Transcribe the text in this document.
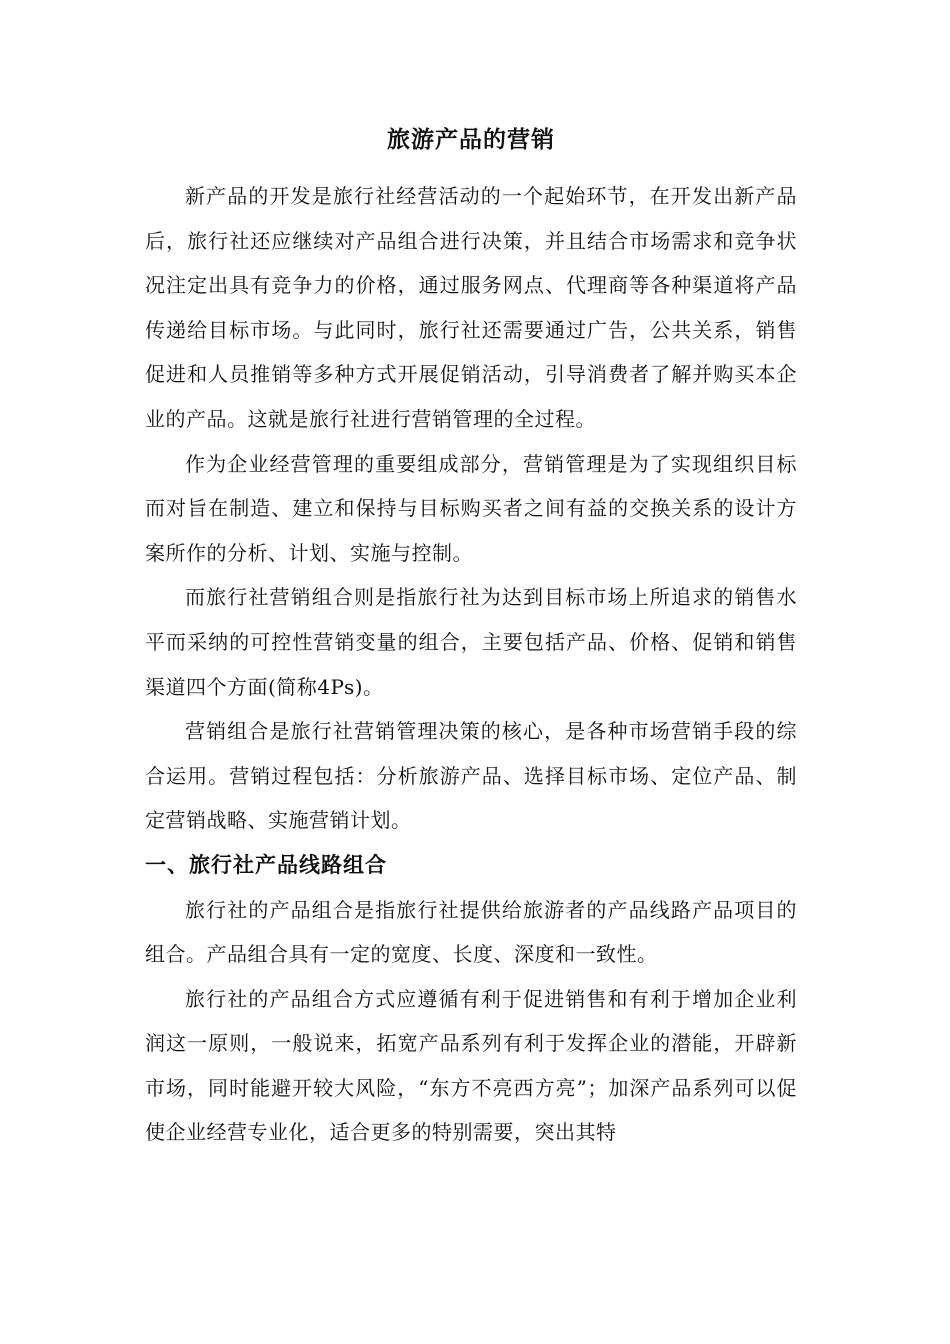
旅游产品的营销

新产品的开发是旅行社经营活动的一个起始环节，在开发出新产品后，旅行社还应继续对产品组合进行决策，并且结合市场需求和竞争状况注定出具有竞争力的价格，通过服务网点、代理商等各种渠道将产品传递给目标市场。与此同时，旅行社还需要通过广告，公共关系，销售促进和人员推销等多种方式开展促销活动，引导消费者了解并购买本企业的产品。这就是旅行社进行营销管理的全过程。

作为企业经营管理的重要组成部分，营销管理是为了实现组织目标而对旨在制造、建立和保持与目标购买者之间有益的交换关系的设计方案所作的分析、计划、实施与控制。

而旅行社营销组合则是指旅行社为达到目标市场上所追求的销售水平而采纳的可控性营销变量的组合，主要包括产品、价格、促销和销售渠道四个方面(简称4Ps)。

营销组合是旅行社营销管理决策的核心，是各种市场营销手段的综合运用。营销过程包括：分析旅游产品、选择目标市场、定位产品、制定营销战略、实施营销计划。

一、旅行社产品线路组合

旅行社的产品组合是指旅行社提供给旅游者的产品线路产品项目的组合。产品组合具有一定的宽度、长度、深度和一致性。

旅行社的产品组合方式应遵循有利于促进销售和有利于增加企业利润这一原则，一般说来，拓宽产品系列有利于发挥企业的潜能，开辟新市场，同时能避开较大风险，“东方不亮西方亮”；加深产品系列可以促使企业经营专业化，适合更多的特别需要，突出其特
